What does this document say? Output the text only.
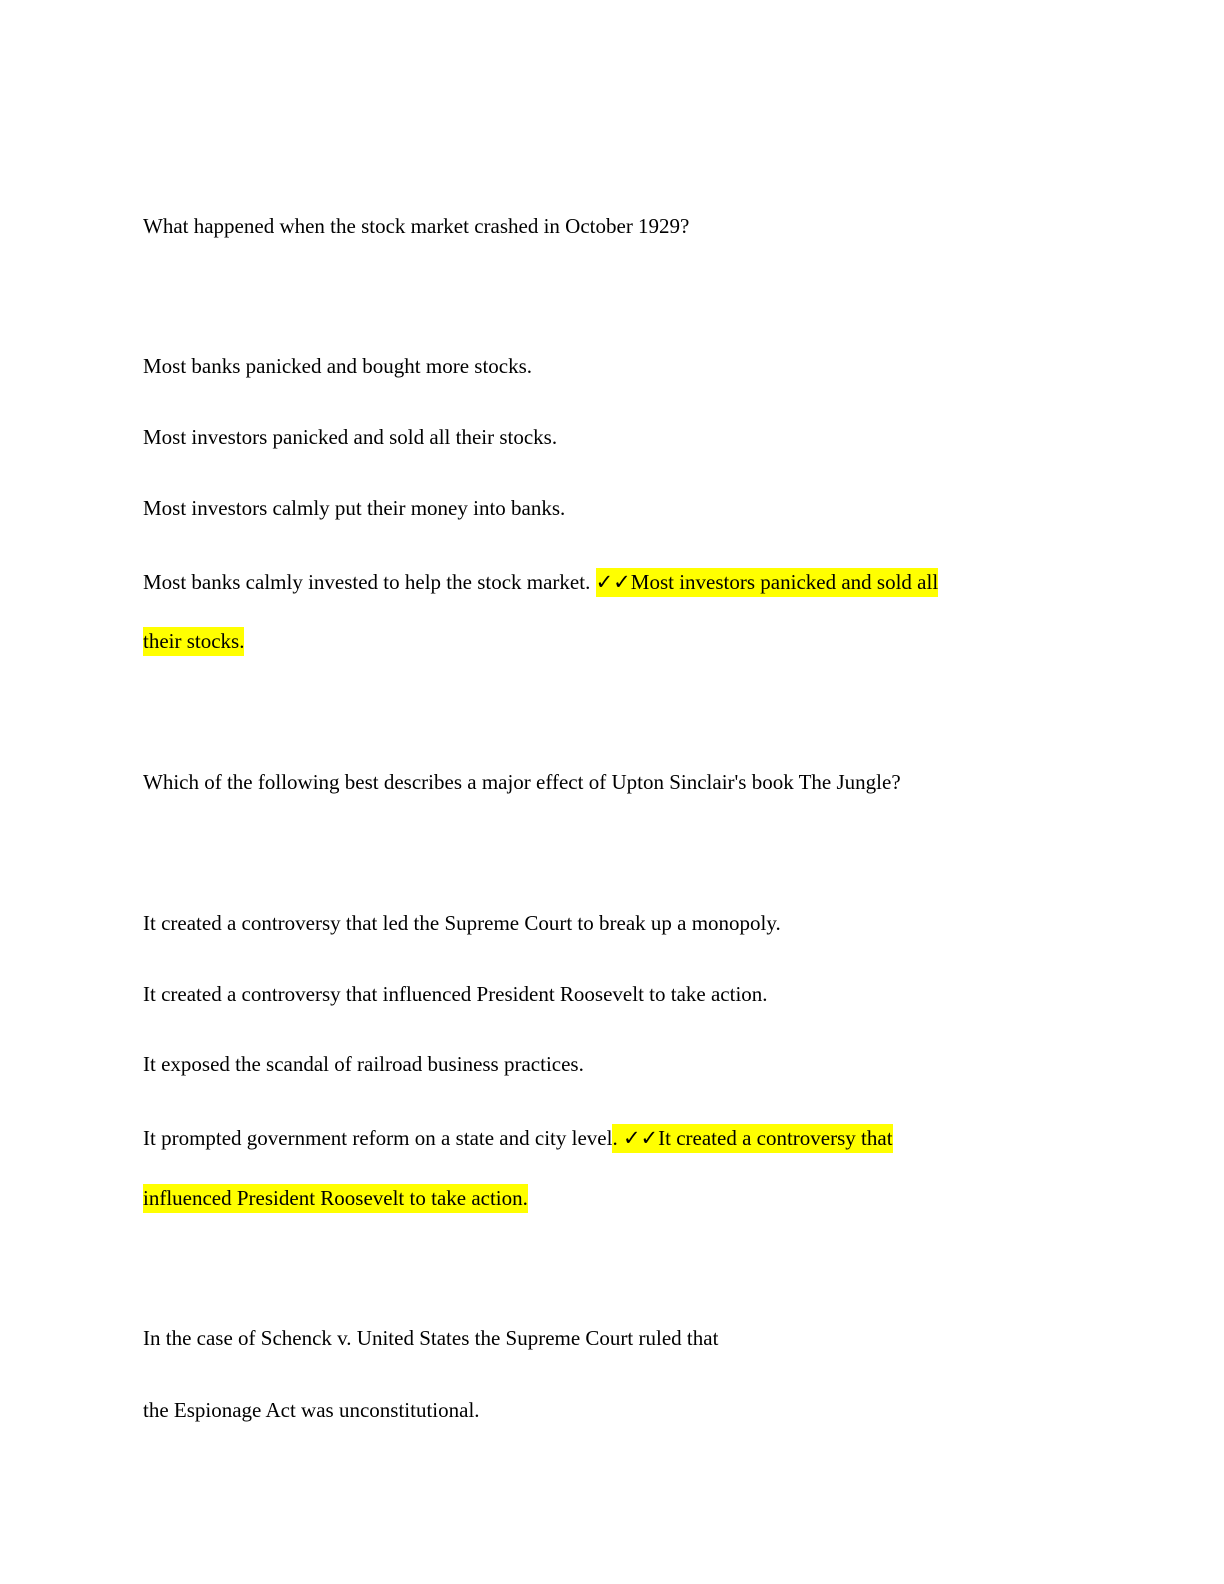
What happened when the stock market crashed in October 1929?

Most banks panicked and bought more stocks.

Most investors panicked and sold all their stocks.

Most investors calmly put their money into banks.

Most banks calmly invested to help the stock market. ✓✓Most investors panicked and sold all

their stocks.

Which of the following best describes a major effect of Upton Sinclair's book The Jungle?

It created a controversy that led the Supreme Court to break up a monopoly.

It created a controversy that influenced President Roosevelt to take action.

It exposed the scandal of railroad business practices.

It prompted government reform on a state and city level. ✓✓It created a controversy that

influenced President Roosevelt to take action.

In the case of Schenck v. United States the Supreme Court ruled that

the Espionage Act was unconstitutional.
